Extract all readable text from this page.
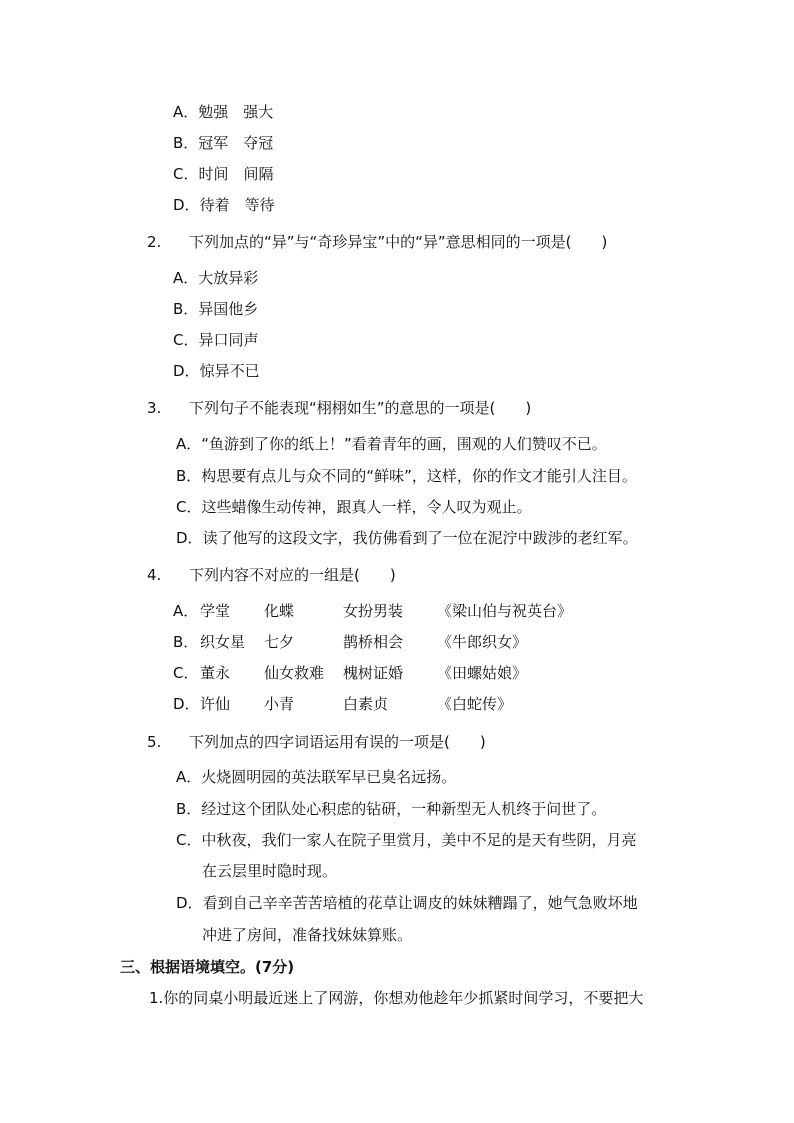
A．勉强　强大
B．冠军　夺冠
C．时间　间隔
D．待着　等待
2. 下列加点的“异”与“奇珍异宝”中的“异”意思相同的一项是(　　)
A．大放异彩
B．异国他乡
C．异口同声
D．惊异不已
3. 下列句子不能表现“栩栩如生”的意思的一项是(　　)
A．“鱼游到了你的纸上！”看着青年的画，围观的人们赞叹不已。
B．构思要有点儿与众不同的“鲜味”，这样，你的作文才能引人注目。
C．这些蜡像生动传神，跟真人一样，令人叹为观止。
D．读了他写的这段文字，我仿佛看到了一位在泥泞中跋涉的老红军。
4. 下列内容不对应的一组是(　　)
A． 学堂 化蝶	女扮男装 《梁山伯与祝英台》
B． 织女星 七夕	鹊桥相会 《牛郎织女》
C． 董永 仙女救难 槐树证婚 《田螺姑娘》
D． 许仙 小青	白素贞	《白蛇传》
5. 下列加点的四字词语运用有误的一项是(　　)
A．火烧圆明园的英法联军早已臭名远扬。
B．经过这个团队处心积虑的钻研，一种新型无人机终于问世了。
C．中秋夜，我们一家人在院子里赏月，美中不足的是天有些阴，月亮
在云层里时隐时现。
D．看到自己辛辛苦苦培植的花草让调皮的妹妹糟蹋了，她气急败坏地
冲进了房间，准备找妹妹算账。
三、根据语境填空。(7分)
1.你的同桌小明最近迷上了网游，你想劝他趁年少抓紧时间学习，不要把大
